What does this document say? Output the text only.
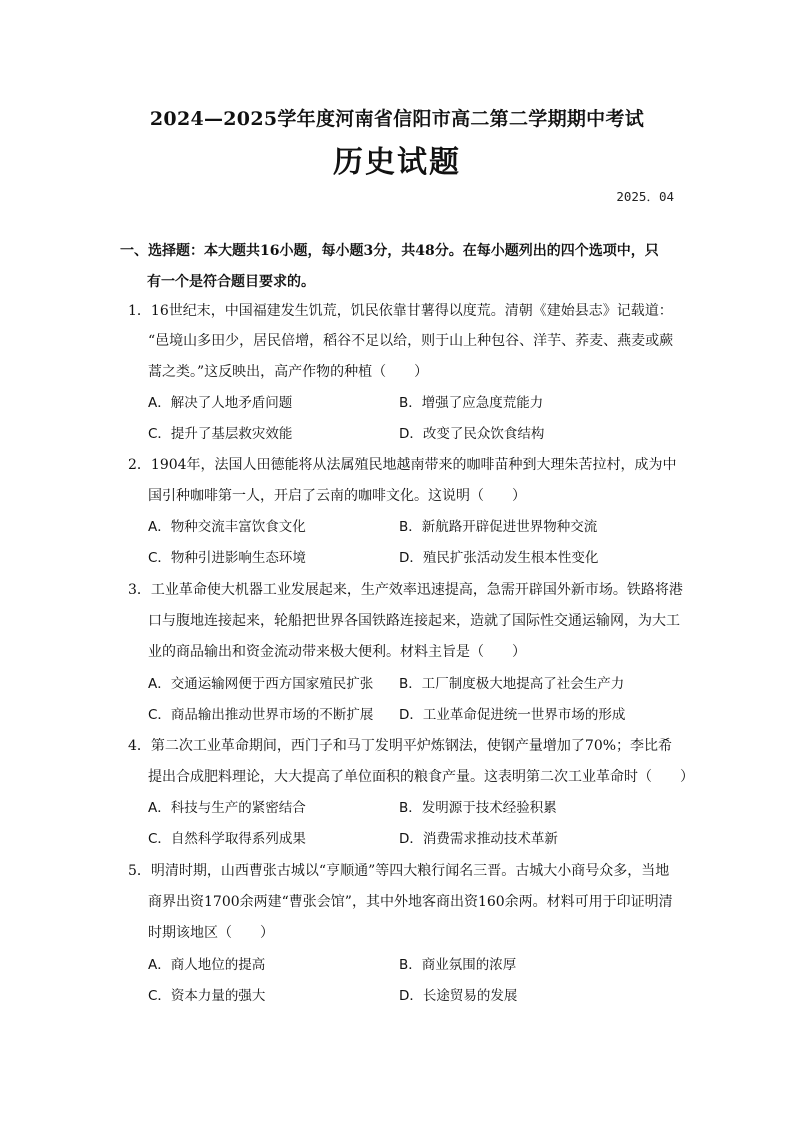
2024—2025学年度河南省信阳市高二第二学期期中考试
历史试题
2025．04
一、选择题：本大题共16小题，每小题3分，共48分。在每小题列出的四个选项中，只
有一个是符合题目要求的。
1．16世纪末，中国福建发生饥荒，饥民依靠甘薯得以度荒。清朝《建始县志》记载道：
“邑境山多田少，居民倍增，稻谷不足以给，则于山上种包谷、洋芋、荞麦、燕麦或蕨
蒿之类。”这反映出，高产作物的种植（　　）
A．解决了人地矛盾问题	B．增强了应急度荒能力
C．提升了基层救灾效能	D．改变了民众饮食结构
2．1904年，法国人田德能将从法属殖民地越南带来的咖啡苗种到大理朱苦拉村，成为中
国引种咖啡第一人，开启了云南的咖啡文化。这说明（　　）
A．物种交流丰富饮食文化	B．新航路开辟促进世界物种交流
C．物种引进影响生态环境	D．殖民扩张活动发生根本性变化
3．工业革命使大机器工业发展起来，生产效率迅速提高，急需开辟国外新市场。铁路将港
口与腹地连接起来，轮船把世界各国铁路连接起来，造就了国际性交通运输网，为大工
业的商品输出和资金流动带来极大便利。材料主旨是（　　）
A．交通运输网便于西方国家殖民扩张 B．工厂制度极大地提高了社会生产力
C．商品输出推动世界市场的不断扩展 D．工业革命促进统一世界市场的形成
4．第二次工业革命期间，西门子和马丁发明平炉炼钢法，使钢产量增加了70%；李比希
提出合成肥料理论，大大提高了单位面积的粮食产量。这表明第二次工业革命时（　　）
A．科技与生产的紧密结合	B．发明源于技术经验积累
C．自然科学取得系列成果	D．消费需求推动技术革新
5．明清时期，山西曹张古城以“亨顺通”等四大粮行闻名三晋。古城大小商号众多，当地
商界出资1700余两建“曹张会馆”，其中外地客商出资160余两。材料可用于印证明清
时期该地区（　　）
A．商人地位的提高	B．商业氛围的浓厚
C．资本力量的强大	D．长途贸易的发展
